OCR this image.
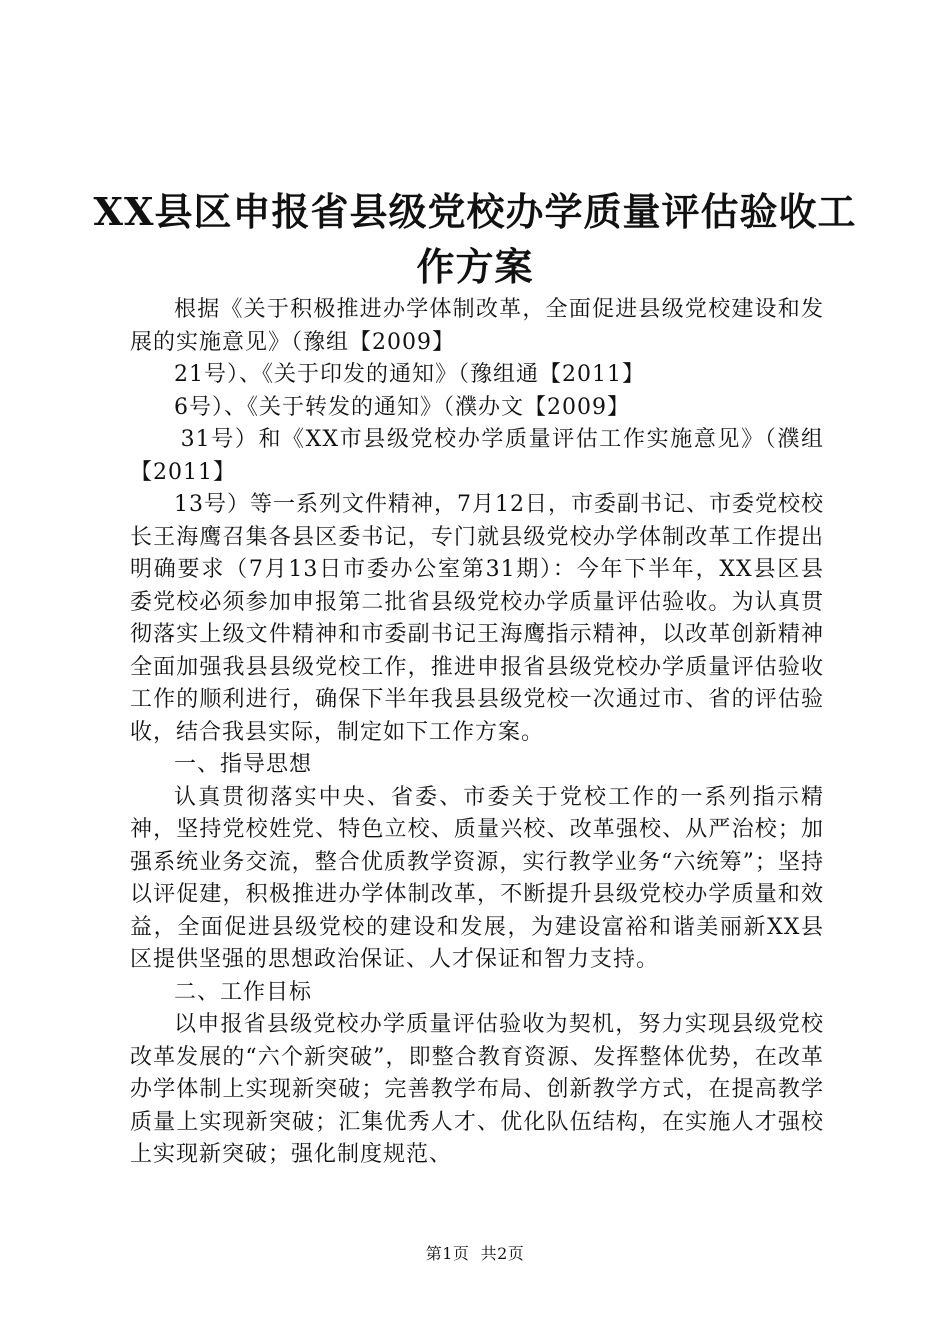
XX县区申报省县级党校办学质量评估验收工
作方案

根据《关于积极推进办学体制改革，全面促进县级党校建设和发展的实施意见》（豫组【2009】

21号）、《关于印发的通知》（豫组通【2011】

6号）、《关于转发的通知》（濮办文【2009】

31号）和《XX市县级党校办学质量评估工作实施意见》（濮组【2011】

13号）等一系列文件精神，7月12日，市委副书记、市委党校校长王海鹰召集各县区委书记，专门就县级党校办学体制改革工作提出明确要求（7月13日市委办公室第31期）：今年下半年，XX县区县委党校必须参加申报第二批省县级党校办学质量评估验收。为认真贯彻落实上级文件精神和市委副书记王海鹰指示精神，以改革创新精神全面加强我县县级党校工作，推进申报省县级党校办学质量评估验收工作的顺利进行，确保下半年我县县级党校一次通过市、省的评估验收，结合我县实际，制定如下工作方案。

一、指导思想

认真贯彻落实中央、省委、市委关于党校工作的一系列指示精神，坚持党校姓党、特色立校、质量兴校、改革强校、从严治校；加强系统业务交流，整合优质教学资源，实行教学业务“六统筹”；坚持以评促建，积极推进办学体制改革，不断提升县级党校办学质量和效益，全面促进县级党校的建设和发展，为建设富裕和谐美丽新XX县区提供坚强的思想政治保证、人才保证和智力支持。

二、工作目标

以申报省县级党校办学质量评估验收为契机，努力实现县级党校改革发展的“六个新突破”，即整合教育资源、发挥整体优势，在改革办学体制上实现新突破；完善教学布局、创新教学方式，在提高教学质量上实现新突破；汇集优秀人才、优化队伍结构，在实施人才强校上实现新突破；强化制度规范、

第1页 共2页
